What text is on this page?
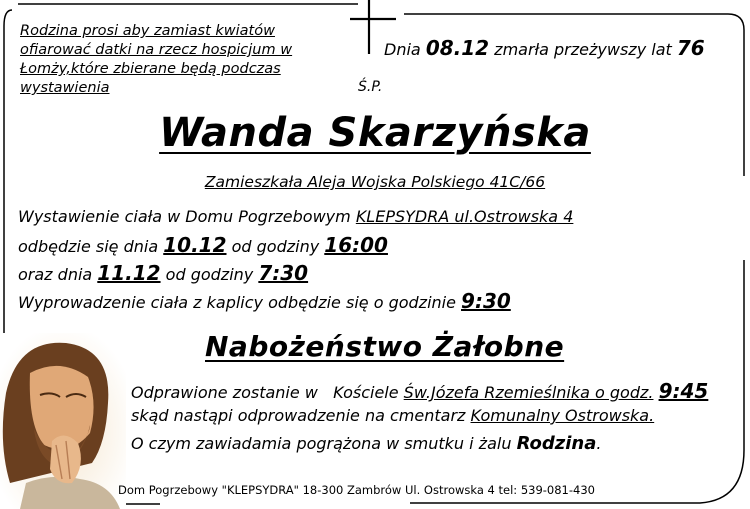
Rodzina prosi aby zamiast kwiatów
ofiarować datki na rzecz hospicjum w
Łomży,które zbierane będą podczas
wystawienia
Dnia 08.12 zmarła przeżywszy lat 76
Ś.P.
Wanda Skarzyńska
Zamieszkała Aleja Wojska Polskiego 41C/66
Wystawienie ciała w Domu Pogrzebowym KLEPSYDRA ul.Ostrowska 4
odbędzie się dnia 10.12 od godziny 16:00
oraz dnia 11.12 od godziny 7:30
Wyprowadzenie ciała z kaplicy odbędzie się o godzinie 9:30
Nabożeństwo Żałobne
Odprawione zostanie w Kościele Św.Józefa Rzemieślnika o godz. 9:45
skąd nastąpi odprowadzenie na cmentarz Komunalny Ostrowska.
O czym zawiadamia pogrążona w smutku i żalu Rodzina.
Dom Pogrzebowy "KLEPSYDRA" 18-300 Zambrów Ul. Ostrowska 4 tel: 539-081-430
